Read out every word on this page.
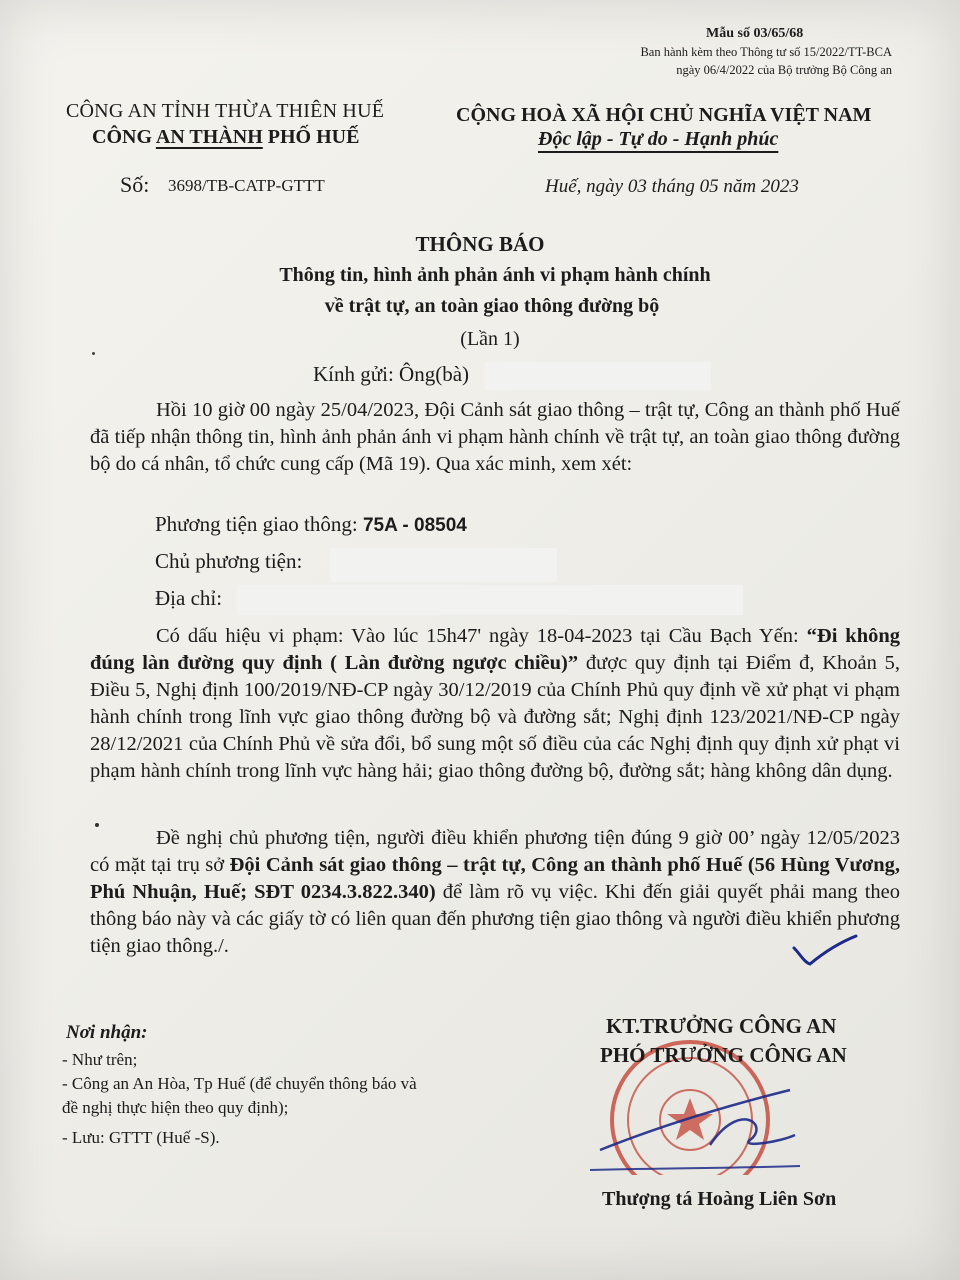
Mẫu số 03/65/68
Ban hành kèm theo Thông tư số 15/2022/TT-BCA
ngày 06/4/2022 của Bộ trưởng Bộ Công an
CÔNG AN TỈNH THỪA THIÊN HUẾ
CÔNG AN THÀNH PHỐ HUẾ
CỘNG HOÀ XÃ HỘI CHỦ NGHĨA VIỆT NAM
Độc lập - Tự do - Hạnh phúc
Số: 3698/TB-CATP-GTTT	Huế, ngày 03 tháng 05 năm 2023
THÔNG BÁO
Thông tin, hình ảnh phản ánh vi phạm hành chính
về trật tự, an toàn giao thông đường bộ
(Lần 1)
Kính gửi: Ông(bà)
Hồi 10 giờ 00 ngày 25/04/2023, Đội Cảnh sát giao thông – trật tự, Công an thành phố Huế đã tiếp nhận thông tin, hình ảnh phản ánh vi phạm hành chính về trật tự, an toàn giao thông đường bộ do cá nhân, tổ chức cung cấp (Mã 19). Qua xác minh, xem xét:
Phương tiện giao thông: 75A - 08504
Chủ phương tiện:
Địa chỉ:
Có dấu hiệu vi phạm: Vào lúc 15h47' ngày 18-04-2023 tại Cầu Bạch Yến: “Đi không đúng làn đường quy định ( Làn đường ngược chiều)” được quy định tại Điểm đ, Khoản 5, Điều 5, Nghị định 100/2019/NĐ-CP ngày 30/12/2019 của Chính Phủ quy định về xử phạt vi phạm hành chính trong lĩnh vực giao thông đường bộ và đường sắt; Nghị định 123/2021/NĐ-CP ngày 28/12/2021 của Chính Phủ về sửa đổi, bổ sung một số điều của các Nghị định quy định xử phạt vi phạm hành chính trong lĩnh vực hàng hải; giao thông đường bộ, đường sắt; hàng không dân dụng.
Đề nghị chủ phương tiện, người điều khiển phương tiện đúng 9 giờ 00’ ngày 12/05/2023 có mặt tại trụ sở Đội Cảnh sát giao thông – trật tự, Công an thành phố Huế (56 Hùng Vương, Phú Nhuận, Huế; SĐT 0234.3.822.340) để làm rõ vụ việc. Khi đến giải quyết phải mang theo thông báo này và các giấy tờ có liên quan đến phương tiện giao thông và người điều khiển phương tiện giao thông./.
Nơi nhận:
- Như trên;
- Công an An Hòa, Tp Huế (để chuyển thông báo và
đề nghị thực hiện theo quy định);
- Lưu: GTTT (Huế -S).
KT.TRƯỞNG CÔNG AN
PHÓ TRƯỞNG CÔNG AN
Thượng tá Hoàng Liên Sơn
